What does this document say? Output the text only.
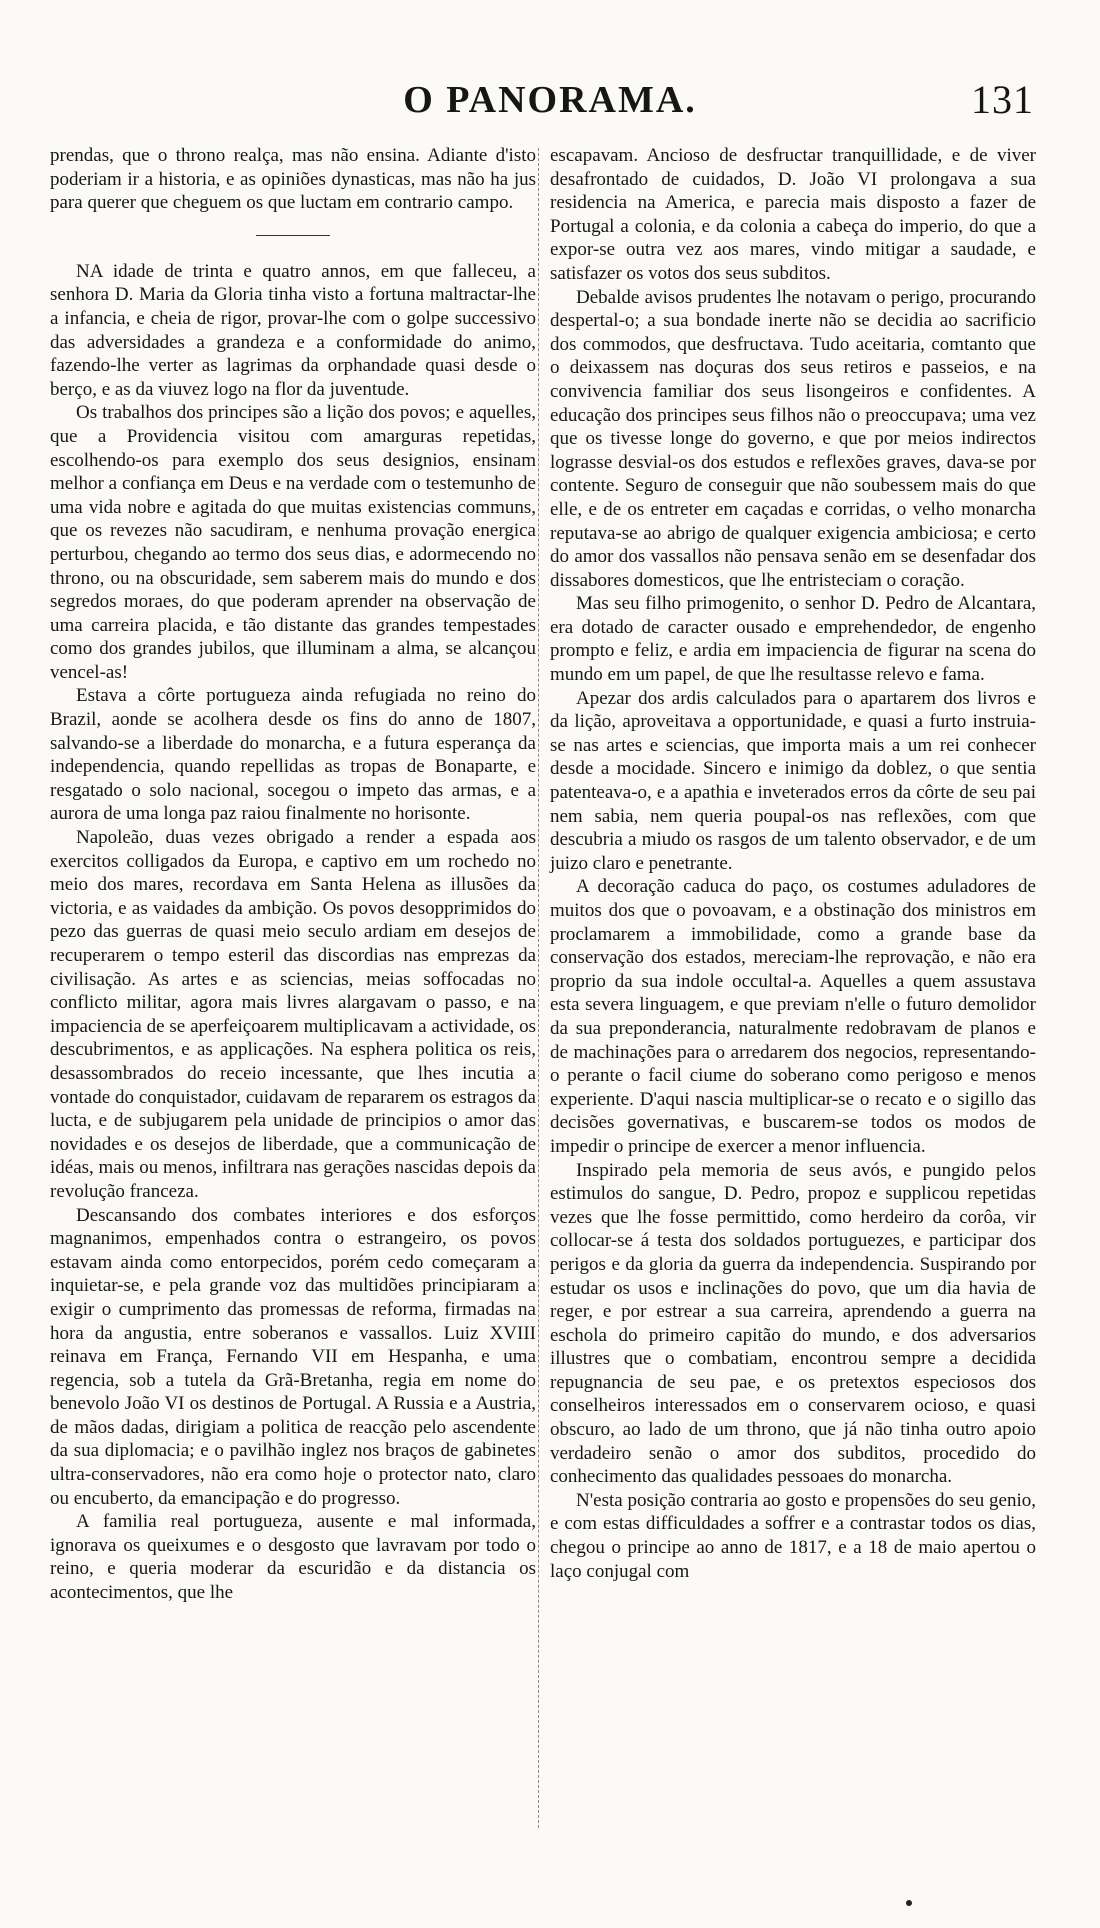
O PANORAMA.	131

prendas, que o throno realça, mas não ensina. Adiante d'isto poderiam ir a historia, e as opiniões dynasticas, mas não ha jus para querer que cheguem os que luctam em contrario campo.

NA idade de trinta e quatro annos, em que falleceu, a senhora D. Maria da Gloria tinha visto a fortuna maltractar-lhe a infancia, e cheia de rigor, provar-lhe com o golpe successivo das adversidades a grandeza e a conformidade do animo, fazendo-lhe verter as lagrimas da orphandade quasi desde o berço, e as da viuvez logo na flor da juventude.

Os trabalhos dos principes são a lição dos povos; e aquelles, que a Providencia visitou com amarguras repetidas, escolhendo-os para exemplo dos seus designios, ensinam melhor a confiança em Deus e na verdade com o testemunho de uma vida nobre e agitada do que muitas existencias communs, que os revezes não sacudiram, e nenhuma provação energica perturbou, chegando ao termo dos seus dias, e adormecendo no throno, ou na obscuridade, sem saberem mais do mundo e dos segredos moraes, do que poderam aprender na observação de uma carreira placida, e tão distante das grandes tempestades como dos grandes jubilos, que illuminam a alma, se alcançou vencel-as!

Estava a côrte portugueza ainda refugiada no reino do Brazil, aonde se acolhera desde os fins do anno de 1807, salvando-se a liberdade do monarcha, e a futura esperança da independencia, quando repellidas as tropas de Bonaparte, e resgatado o solo nacional, socegou o impeto das armas, e a aurora de uma longa paz raiou finalmente no horisonte.

Napoleão, duas vezes obrigado a render a espada aos exercitos colligados da Europa, e captivo em um rochedo no meio dos mares, recordava em Santa Helena as illusões da victoria, e as vaidades da ambição. Os povos desopprimidos do pezo das guerras de quasi meio seculo ardiam em desejos de recuperarem o tempo esteril das discordias nas emprezas da civilisação. As artes e as sciencias, meias soffocadas no conflicto militar, agora mais livres alargavam o passo, e na impaciencia de se aperfeiçoarem multiplicavam a actividade, os descubrimentos, e as applicações. Na esphera politica os reis, desassombrados do receio incessante, que lhes incutia a vontade do conquistador, cuidavam de repararem os estragos da lucta, e de subjugarem pela unidade de principios o amor das novidades e os desejos de liberdade, que a communicação de idéas, mais ou menos, infiltrara nas gerações nascidas depois da revolução franceza.

Descansando dos combates interiores e dos esforços magnanimos, empenhados contra o estrangeiro, os povos estavam ainda como entorpecidos, porém cedo começaram a inquietar-se, e pela grande voz das multidões principiaram a exigir o cumprimento das promessas de reforma, firmadas na hora da angustia, entre soberanos e vassallos. Luiz XVIII reinava em França, Fernando VII em Hespanha, e uma regencia, sob a tutela da Grã-Bretanha, regia em nome do benevolo João VI os destinos de Portugal. A Russia e a Austria, de mãos dadas, dirigiam a politica de reacção pelo ascendente da sua diplomacia; e o pavilhão inglez nos braços de gabinetes ultra-conservadores, não era como hoje o protector nato, claro ou encuberto, da emancipação e do progresso.

A familia real portugueza, ausente e mal informada, ignorava os queixumes e o desgosto que lavravam por todo o reino, e queria moderar da escuridão e da distancia os acontecimentos, que lhe

escapavam. Ancioso de desfructar tranquillidade, e de viver desafrontado de cuidados, D. João VI prolongava a sua residencia na America, e parecia mais disposto a fazer de Portugal a colonia, e da colonia a cabeça do imperio, do que a expor-se outra vez aos mares, vindo mitigar a saudade, e satisfazer os votos dos seus subditos.

Debalde avisos prudentes lhe notavam o perigo, procurando despertal-o; a sua bondade inerte não se decidia ao sacrificio dos commodos, que desfructava. Tudo aceitaria, comtanto que o deixassem nas doçuras dos seus retiros e passeios, e na convivencia familiar dos seus lisongeiros e confidentes. A educação dos principes seus filhos não o preoccupava; uma vez que os tivesse longe do governo, e que por meios indirectos lograsse desvial-os dos estudos e reflexões graves, dava-se por contente. Seguro de conseguir que não soubessem mais do que elle, e de os entreter em caçadas e corridas, o velho monarcha reputava-se ao abrigo de qualquer exigencia ambiciosa; e certo do amor dos vassallos não pensava senão em se desenfadar dos dissabores domesticos, que lhe entristeciam o coração.

Mas seu filho primogenito, o senhor D. Pedro de Alcantara, era dotado de caracter ousado e emprehendedor, de engenho prompto e feliz, e ardia em impaciencia de figurar na scena do mundo em um papel, de que lhe resultasse relevo e fama.

Apezar dos ardis calculados para o apartarem dos livros e da lição, aproveitava a opportunidade, e quasi a furto instruia-se nas artes e sciencias, que importa mais a um rei conhecer desde a mocidade. Sincero e inimigo da doblez, o que sentia patenteava-o, e a apathia e inveterados erros da côrte de seu pai nem sabia, nem queria poupal-os nas reflexões, com que descubria a miudo os rasgos de um talento observador, e de um juizo claro e penetrante.

A decoração caduca do paço, os costumes aduladores de muitos dos que o povoavam, e a obstinação dos ministros em proclamarem a immobilidade, como a grande base da conservação dos estados, mereciam-lhe reprovação, e não era proprio da sua indole occultal-a. Aquelles a quem assustava esta severa linguagem, e que previam n'elle o futuro demolidor da sua preponderancia, naturalmente redobravam de planos e de machinações para o arredarem dos negocios, representando-o perante o facil ciume do soberano como perigoso e menos experiente. D'aqui nascia multiplicar-se o recato e o sigillo das decisões governativas, e buscarem-se todos os modos de impedir o principe de exercer a menor influencia.

Inspirado pela memoria de seus avós, e pungido pelos estimulos do sangue, D. Pedro, propoz e supplicou repetidas vezes que lhe fosse permittido, como herdeiro da corôa, vir collocar-se á testa dos soldados portuguezes, e participar dos perigos e da gloria da guerra da independencia. Suspirando por estudar os usos e inclinações do povo, que um dia havia de reger, e por estrear a sua carreira, aprendendo a guerra na eschola do primeiro capitão do mundo, e dos adversarios illustres que o combatiam, encontrou sempre a decidida repugnancia de seu pae, e os pretextos especiosos dos conselheiros interessados em o conservarem ocioso, e quasi obscuro, ao lado de um throno, que já não tinha outro apoio verdadeiro senão o amor dos subditos, procedido do conhecimento das qualidades pessoaes do monarcha.

N'esta posição contraria ao gosto e propensões do seu genio, e com estas difficuldades a soffrer e a contrastar todos os dias, chegou o principe ao anno de 1817, e a 18 de maio apertou o laço conjugal com
